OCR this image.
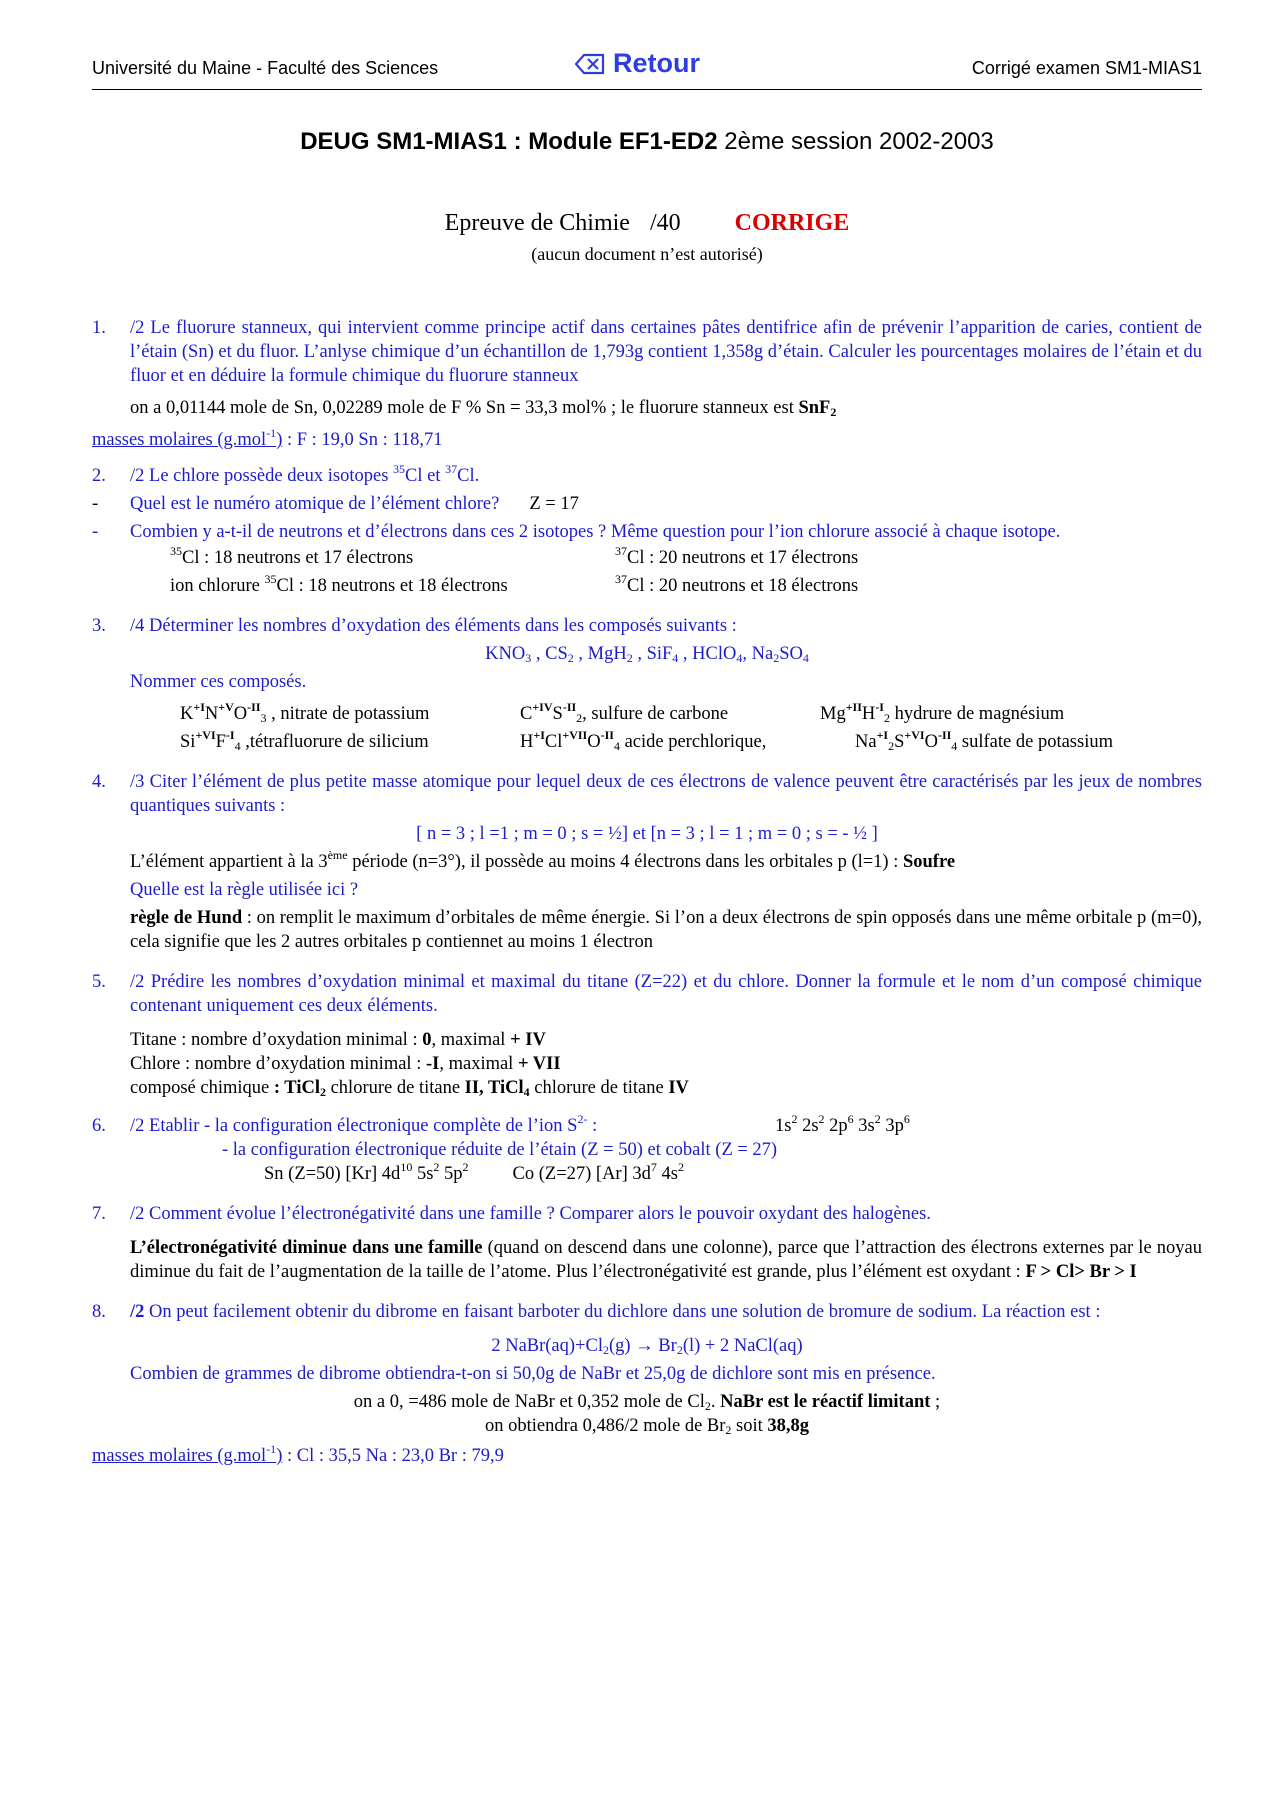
Université du Maine - Faculté des Sciences	Retour	Corrigé examen SM1-MIAS1
DEUG SM1-MIAS1 : Module EF1-ED2 2ème session 2002-2003
Epreuve de Chimie /40 CORRIGE
(aucun document n’est autorisé)
1. /2 Le fluorure stanneux, qui intervient comme principe actif dans certaines pâtes dentifrice afin de prévenir l’apparition de caries, contient de l’étain (Sn) et du fluor. L’anlyse chimique d’un échantillon de 1,793g contient 1,358g d’étain. Calculer les pourcentages molaires de l’étain et du fluor et en déduire la formule chimique du fluorure stanneux
on a 0,01144 mole de Sn, 0,02289 mole de F % Sn = 33,3 mol% ; le fluorure stanneux est SnF$_2$
masses molaires (g.mol$^{-1}$) : F : 19,0 Sn : 118,71
2. /2 Le chlore possède deux isotopes $^{35}$Cl et $^{37}$Cl.
- Quel est le numéro atomique de l’élément chlore? Z = 17
- Combien y a-t-il de neutrons et d’électrons dans ces 2 isotopes ? Même question pour l’ion chlorure associé à chaque isotope.
$^{35}$Cl : 18 neutrons et 17 électrons	$^{37}$Cl : 20 neutrons et 17 électrons
ion chlorure $^{35}$Cl : 18 neutrons et 18 électrons	$^{37}$Cl : 20 neutrons et 18 électrons
3. /4 Déterminer les nombres d’oxydation des éléments dans les composés suivants :
$KNO_3$ , $CS_2$ , MgH$_2$ , SiF$_4$ , HClO$_4$, $Na_2SO_4$
Nommer ces composés.
$K^{+I}N^{+V}O^{-II}_3$ , nitrate de potassium	$C^{+IV}S^{-II}_2$, sulfure de carbone	$Mg^{+II}H^{-I}_2$ hydrure de magnésium
$Si^{+VI}F^{-I}_4$ ,tétrafluorure de silicium	$H^{+I}Cl^{+VII}O^{-II}_4$ acide perchlorique,	$Na^{+I}_2S^{+VI}O^{-II}_4$ sulfate de potassium
4. /3 Citer l’élément de plus petite masse atomique pour lequel deux de ces électrons de valence peuvent être caractérisés par les jeux de nombres quantiques suivants :
[ n = 3 ; l =1 ; m = 0 ; s = ½] et [n = 3 ; l = 1 ; m = 0 ; s = - ½ ]
L’élément appartient à la 3ème période (n=3°), il possède au moins 4 électrons dans les orbitales p (l=1) : Soufre
Quelle est la règle utilisée ici ?
règle de Hund : on remplit le maximum d’orbitales de même énergie. Si l’on a deux électrons de spin opposés dans une même orbitale p (m=0), cela signifie que les 2 autres orbitales p contiennet au moins 1 électron
5. /2 Prédire les nombres d’oxydation minimal et maximal du titane (Z=22) et du chlore. Donner la formule et le nom d’un composé chimique contenant uniquement ces deux éléments.
Titane : nombre d’oxydation minimal : 0, maximal + IV
Chlore : nombre d’oxydation minimal : -I, maximal + VII
composé chimique : TiCl$_2$ chlorure de titane II, TiCl$_4$ chlorure de titane IV
6. /2 Etablir - la configuration électronique complète de l’ion $S^{2-}$ :	$1s^2$ $2s^2$ $2p^6$ $3s^2$ $3p^6$
- la configuration électronique réduite de l’étain (Z = 50) et cobalt (Z = 27)
Sn (Z=50) [Kr] $4d^{10}$ $5s^2$ $5p^2$ Co (Z=27) [Ar] $3d^7$ $4s^2$
7. /2 Comment évolue l’électronégativité dans une famille ? Comparer alors le pouvoir oxydant des halogènes.
L’électronégativité diminue dans une famille (quand on descend dans une colonne), parce que l’attraction des électrons externes par le noyau diminue du fait de l’augmentation de la taille de l’atome. Plus l’électronégativité est grande, plus l’élément est oxydant : F > Cl> Br > I
8. /2 On peut facilement obtenir du dibrome en faisant barboter du dichlore dans une solution de bromure de sodium. La réaction est :
2 $NaBr(aq)+Cl_2(g) \to Br_2(l) + 2$ NaCl(aq)
Combien de grammes de dibrome obtiendra-t-on si 50,0g de NaBr et 25,0g de dichlore sont mis en présence.
on a 0, =486 mole de NaBr et 0,352 mole de $Cl_2$. NaBr est le réactif limitant ;
on obtiendra 0,486/2 mole de $Br_2$ soit 38,8g
masses molaires (g.mol$^{-1}$) : Cl : 35,5 Na : 23,0 Br : 79,9
